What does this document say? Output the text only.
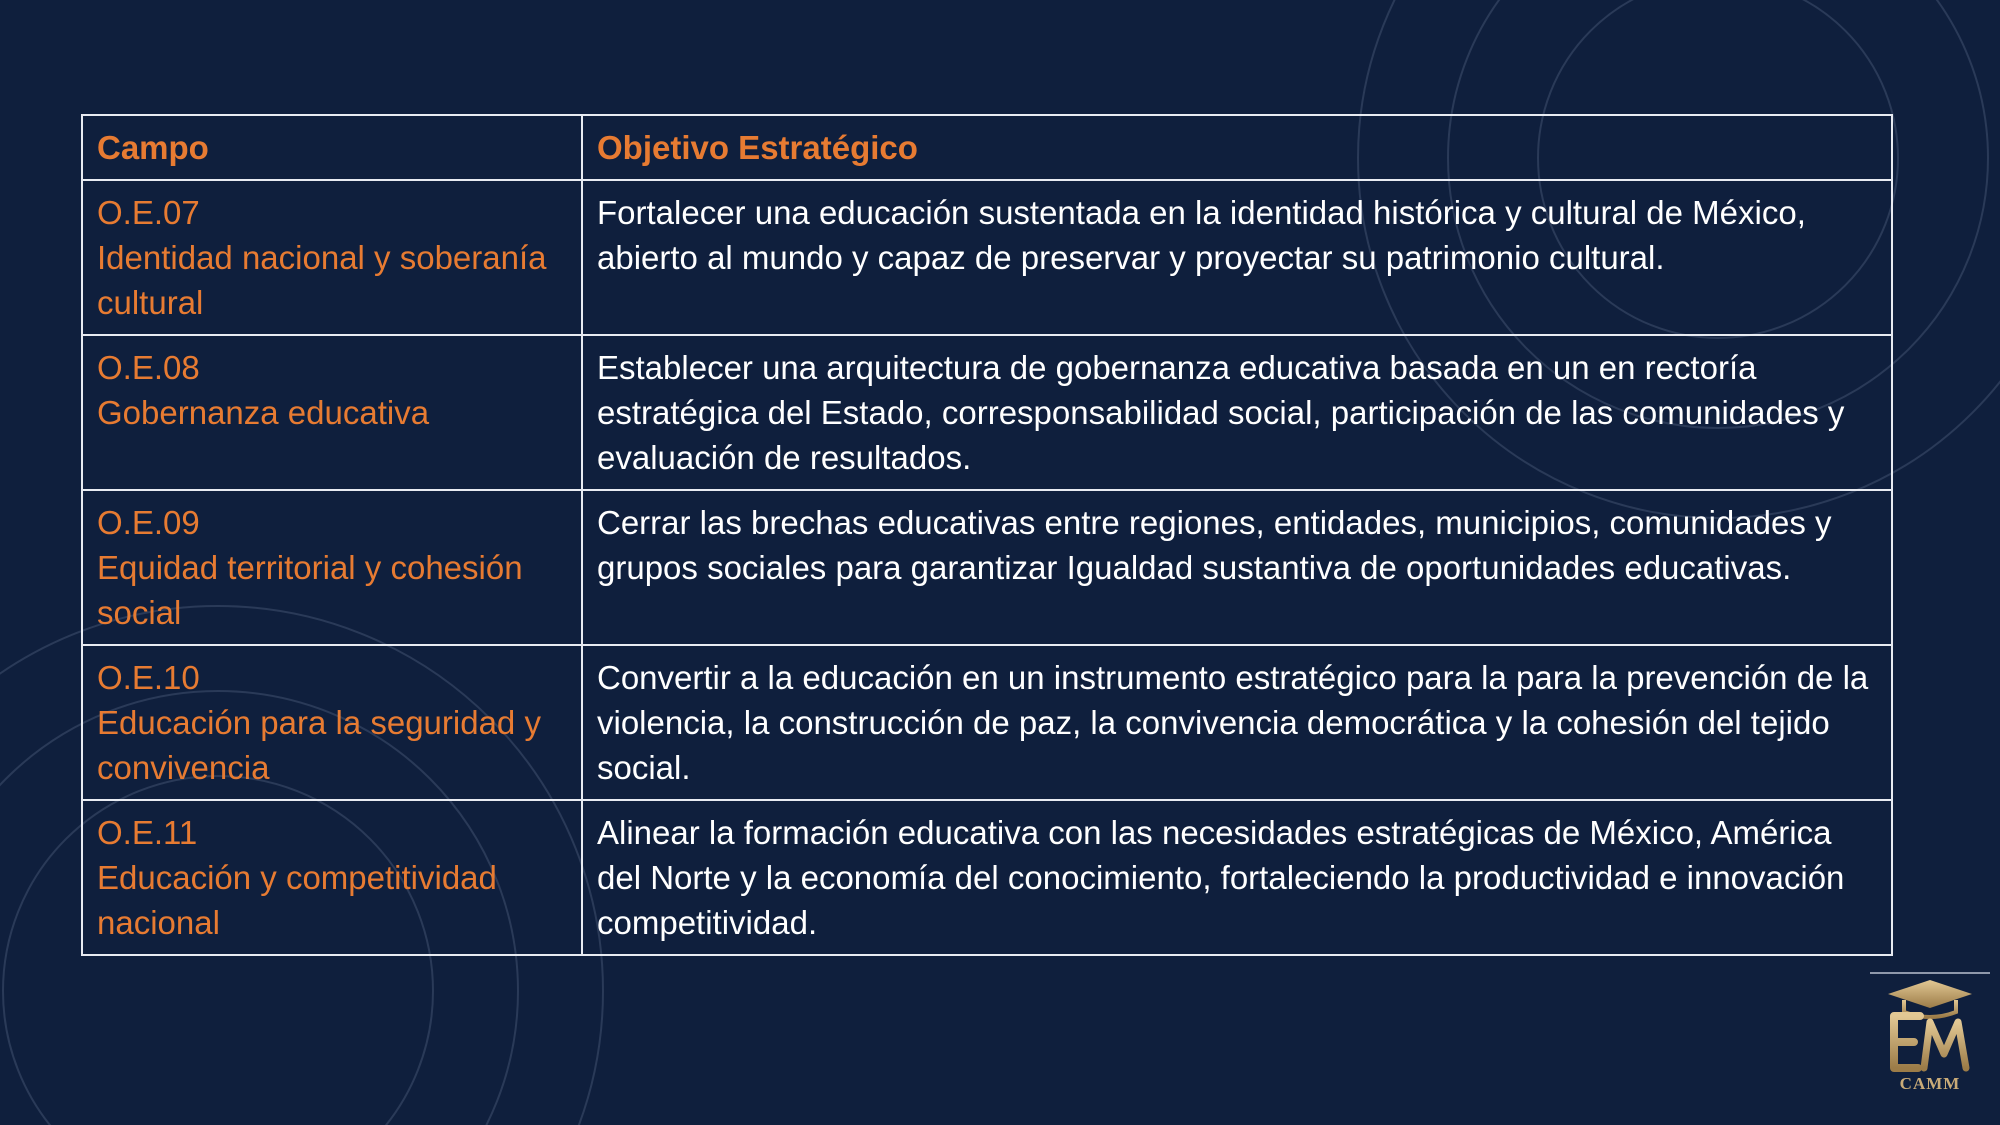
Campo	Objetivo Estratégico

O.E.07
Identidad nacional y soberanía cultural	Fortalecer una educación sustentada en la identidad histórica y cultural de México, abierto al mundo y capaz de preservar y proyectar su patrimonio cultural.

O.E.08
Gobernanza educativa	Establecer una arquitectura de gobernanza educativa basada en un en rectoría estratégica del Estado, corresponsabilidad social, participación de las comunidades y evaluación de resultados.

O.E.09
Equidad territorial y cohesión social	Cerrar las brechas educativas entre regiones, entidades, municipios, comunidades y grupos sociales para garantizar Igualdad sustantiva de oportunidades educativas.

O.E.10
Educación para la seguridad y convivencia	Convertir a la educación en un instrumento estratégico para la para la prevención de la violencia, la construcción de paz, la convivencia democrática y la cohesión del tejido social.

O.E.11
Educación y competitividad nacional	Alinear la formación educativa con las necesidades estratégicas de México, América del Norte y la economía del conocimiento, fortaleciendo la productividad e innovación competitividad.
CAMM
